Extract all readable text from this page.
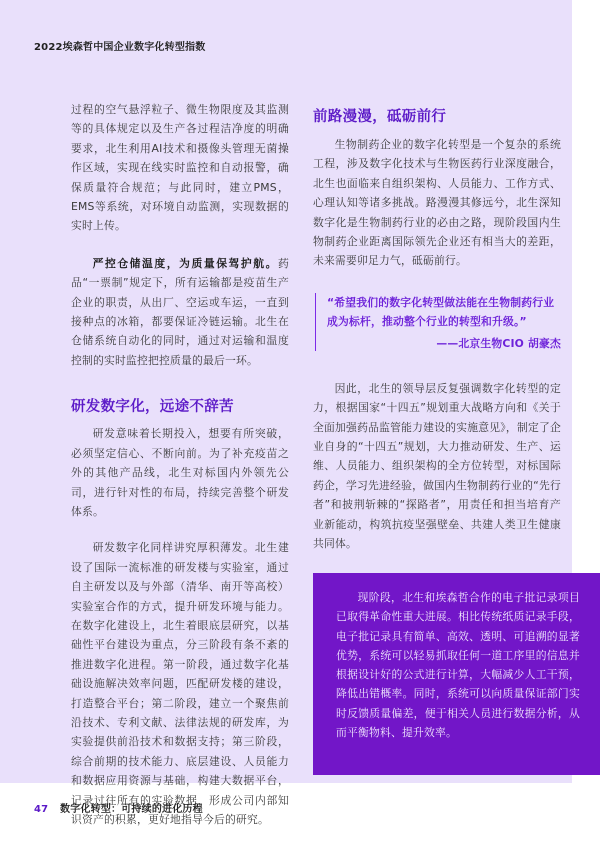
2022埃森哲中国企业数字化转型指数

过程的空气悬浮粒子、微生物限度及其监测等的具体规定以及生产各过程洁净度的明确要求，北生利用AI技术和摄像头管理无菌操作区域，实现在线实时监控和自动报警，确保质量符合规范；与此同时，建立PMS，EMS等系统，对环境自动监测，实现数据的实时上传。

严控仓储温度，为质量保驾护航。药品“一票制”规定下，所有运输都是疫苗生产企业的职责，从出厂、空运或车运，一直到接种点的冰箱，都要保证冷链运输。北生在仓储系统自动化的同时，通过对运输和温度控制的实时监控把控质量的最后一环。

研发数字化，远途不辞苦

研发意味着长期投入，想要有所突破，必须坚定信心、不断向前。为了补充疫苗之外的其他产品线，北生对标国内外领先公司，进行针对性的布局，持续完善整个研发体系。

研发数字化同样讲究厚积薄发。北生建设了国际一流标准的研发楼与实验室，通过自主研发以及与外部（清华、南开等高校）实验室合作的方式，提升研发环境与能力。在数字化建设上，北生着眼底层研究，以基础性平台建设为重点，分三阶段有条不紊的推进数字化进程。第一阶段，通过数字化基础设施解决效率问题，匹配研发楼的建设，打造整合平台；第二阶段，建立一个聚焦前沿技术、专利文献、法律法规的研发库，为实验提供前沿技术和数据支持；第三阶段，综合前期的技术能力、底层建设、人员能力和数据应用资源与基础，构建大数据平台，记录过往所有的实验数据，形成公司内部知识资产的积累，更好地指导今后的研究。

前路漫漫，砥砺前行

生物制药企业的数字化转型是一个复杂的系统工程，涉及数字化技术与生物医药行业深度融合，北生也面临来自组织架构、人员能力、工作方式、心理认知等诸多挑战。路漫漫其修远兮，北生深知数字化是生物制药行业的必由之路，现阶段国内生物制药企业距离国际领先企业还有相当大的差距，未来需要卯足力气，砥砺前行。

“希望我们的数字化转型做法能在生物制药行业成为标杆，推动整个行业的转型和升级。”

——北京生物CIO 胡豪杰

因此，北生的领导层反复强调数字化转型的定力，根据国家“十四五”规划重大战略方向和《关于全面加强药品监管能力建设的实施意见》，制定了企业自身的“十四五”规划，大力推动研发、生产、运维、人员能力、组织架构的全方位转型，对标国际药企，学习先进经验，做国内生物制药行业的“先行者”和披荆斩棘的“探路者”，用责任和担当培育产业新能动，构筑抗疫坚强壁垒、共建人类卫生健康共同体。

现阶段，北生和埃森哲合作的电子批记录项目已取得革命性重大进展。相比传统纸质记录手段，电子批记录具有简单、高效、透明、可追溯的显著优势，系统可以轻易抓取任何一道工序里的信息并根据设计好的公式进行计算，大幅减少人工干预，降低出错概率。同时，系统可以向质量保证部门实时反馈质量偏差，便于相关人员进行数据分析，从而平衡物料、提升效率。

47 数字化转型：可持续的进化历程
